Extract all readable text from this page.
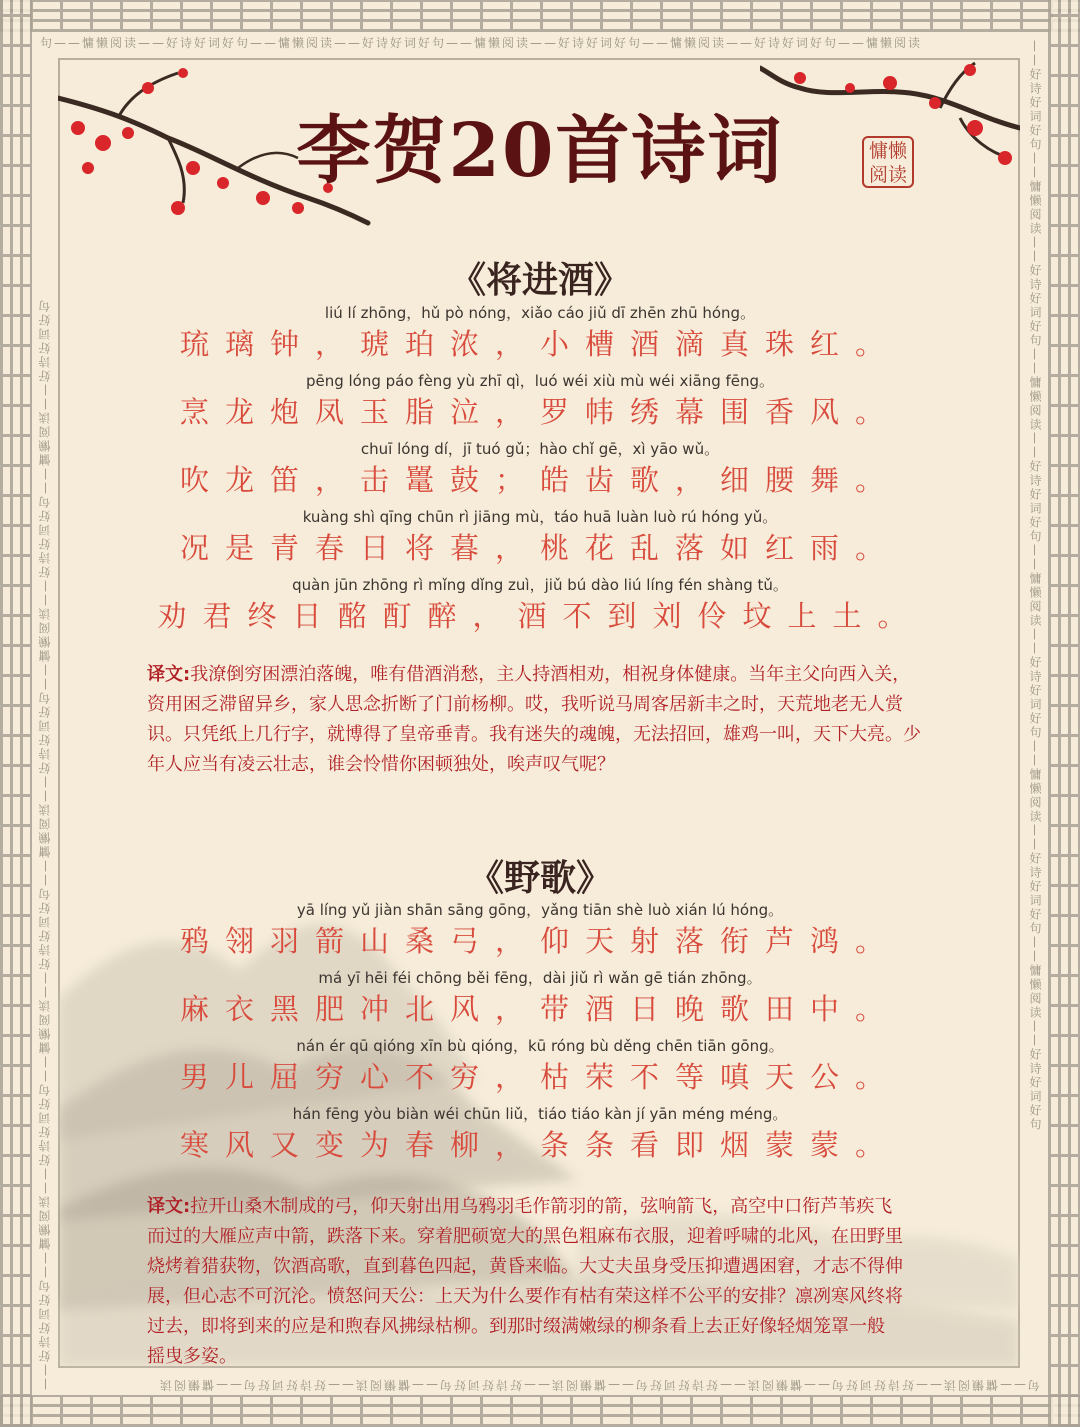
句——慵懒阅读——好诗好词好句——慵懒阅读——好诗好词好句——慵懒阅读——好诗好词好句——慵懒阅读——好诗好词好句——慵懒阅读
句——慵懒阅读——好诗好词好句——慵懒阅读——好诗好词好句——慵懒阅读——好诗好词好句——慵懒阅读——好诗好词好句——慵懒阅读
——好诗好词好句——慵懒阅读——好诗好词好句——慵懒阅读——好诗好词好句——慵懒阅读——好诗好词好句——慵懒阅读——好诗好词好句——慵懒阅读——好诗好词好句	——好诗好词好句——慵懒阅读——好诗好词好句——慵懒阅读——好诗好词好句——慵懒阅读——好诗好词好句——慵懒阅读——好诗好词好句——慵懒阅读——好诗好词好句
李贺20首诗词	慵懒
阅读
《将进酒》
liú lí zhōng，hǔ pò nóng，xiǎo cáo jiǔ dī zhēn zhū hóng。
琉璃钟，琥珀浓，小槽酒滴真珠红。
pēng lóng páo fèng yù zhī qì，luó wéi xiù mù wéi xiāng fēng。
烹龙炮凤玉脂泣，罗帏绣幕围香风。
chuī lóng dí，jī tuó gǔ；hào chǐ gē，xì yāo wǔ。
吹龙笛，击鼍鼓；皓齿歌，细腰舞。
kuàng shì qīng chūn rì jiāng mù，táo huā luàn luò rú hóng yǔ。
况是青春日将暮，桃花乱落如红雨。
quàn jūn zhōng rì mǐng dǐng zuì，jiǔ bú dào liú líng fén shàng tǔ。
劝君终日酩酊醉，酒不到刘伶坟上土。
译文:我潦倒穷困漂泊落魄，唯有借酒消愁，主人持酒相劝，相祝身体健康。当年主父向西入关，
资用困乏滞留异乡，家人思念折断了门前杨柳。哎，我听说马周客居新丰之时，天荒地老无人赏
识。只凭纸上几行字，就博得了皇帝垂青。我有迷失的魂魄，无法招回，雄鸡一叫，天下大亮。少
年人应当有凌云壮志，谁会怜惜你困顿独处，唉声叹气呢？
《野歌》
yā líng yǔ jiàn shān sāng gōng，yǎng tiān shè luò xián lú hóng。
鸦翎羽箭山桑弓，仰天射落衔芦鸿。
má yī hēi féi chōng běi fēng，dài jiǔ rì wǎn gē tián zhōng。
麻衣黑肥冲北风，带酒日晚歌田中。
nán ér qū qióng xīn bù qióng，kū róng bù děng chēn tiān gōng。
男儿屈穷心不穷，枯荣不等嗔天公。
hán fēng yòu biàn wéi chūn liǔ，tiáo tiáo kàn jí yān méng méng。
寒风又变为春柳，条条看即烟蒙蒙。
译文:拉开山桑木制成的弓，仰天射出用乌鸦羽毛作箭羽的箭，弦响箭飞，高空中口衔芦苇疾飞
而过的大雁应声中箭，跌落下来。穿着肥硕宽大的黑色粗麻布衣服，迎着呼啸的北风，在田野里
烧烤着猎获物，饮酒高歌，直到暮色四起，黄昏来临。大丈夫虽身受压抑遭遇困窘，才志不得伸
展，但心志不可沉沦。愤怒问天公：上天为什么要作有枯有荣这样不公平的安排？凛冽寒风终将
过去，即将到来的应是和煦春风拂绿枯柳。到那时缀满嫩绿的柳条看上去正好像轻烟笼罩一般
摇曳多姿。
